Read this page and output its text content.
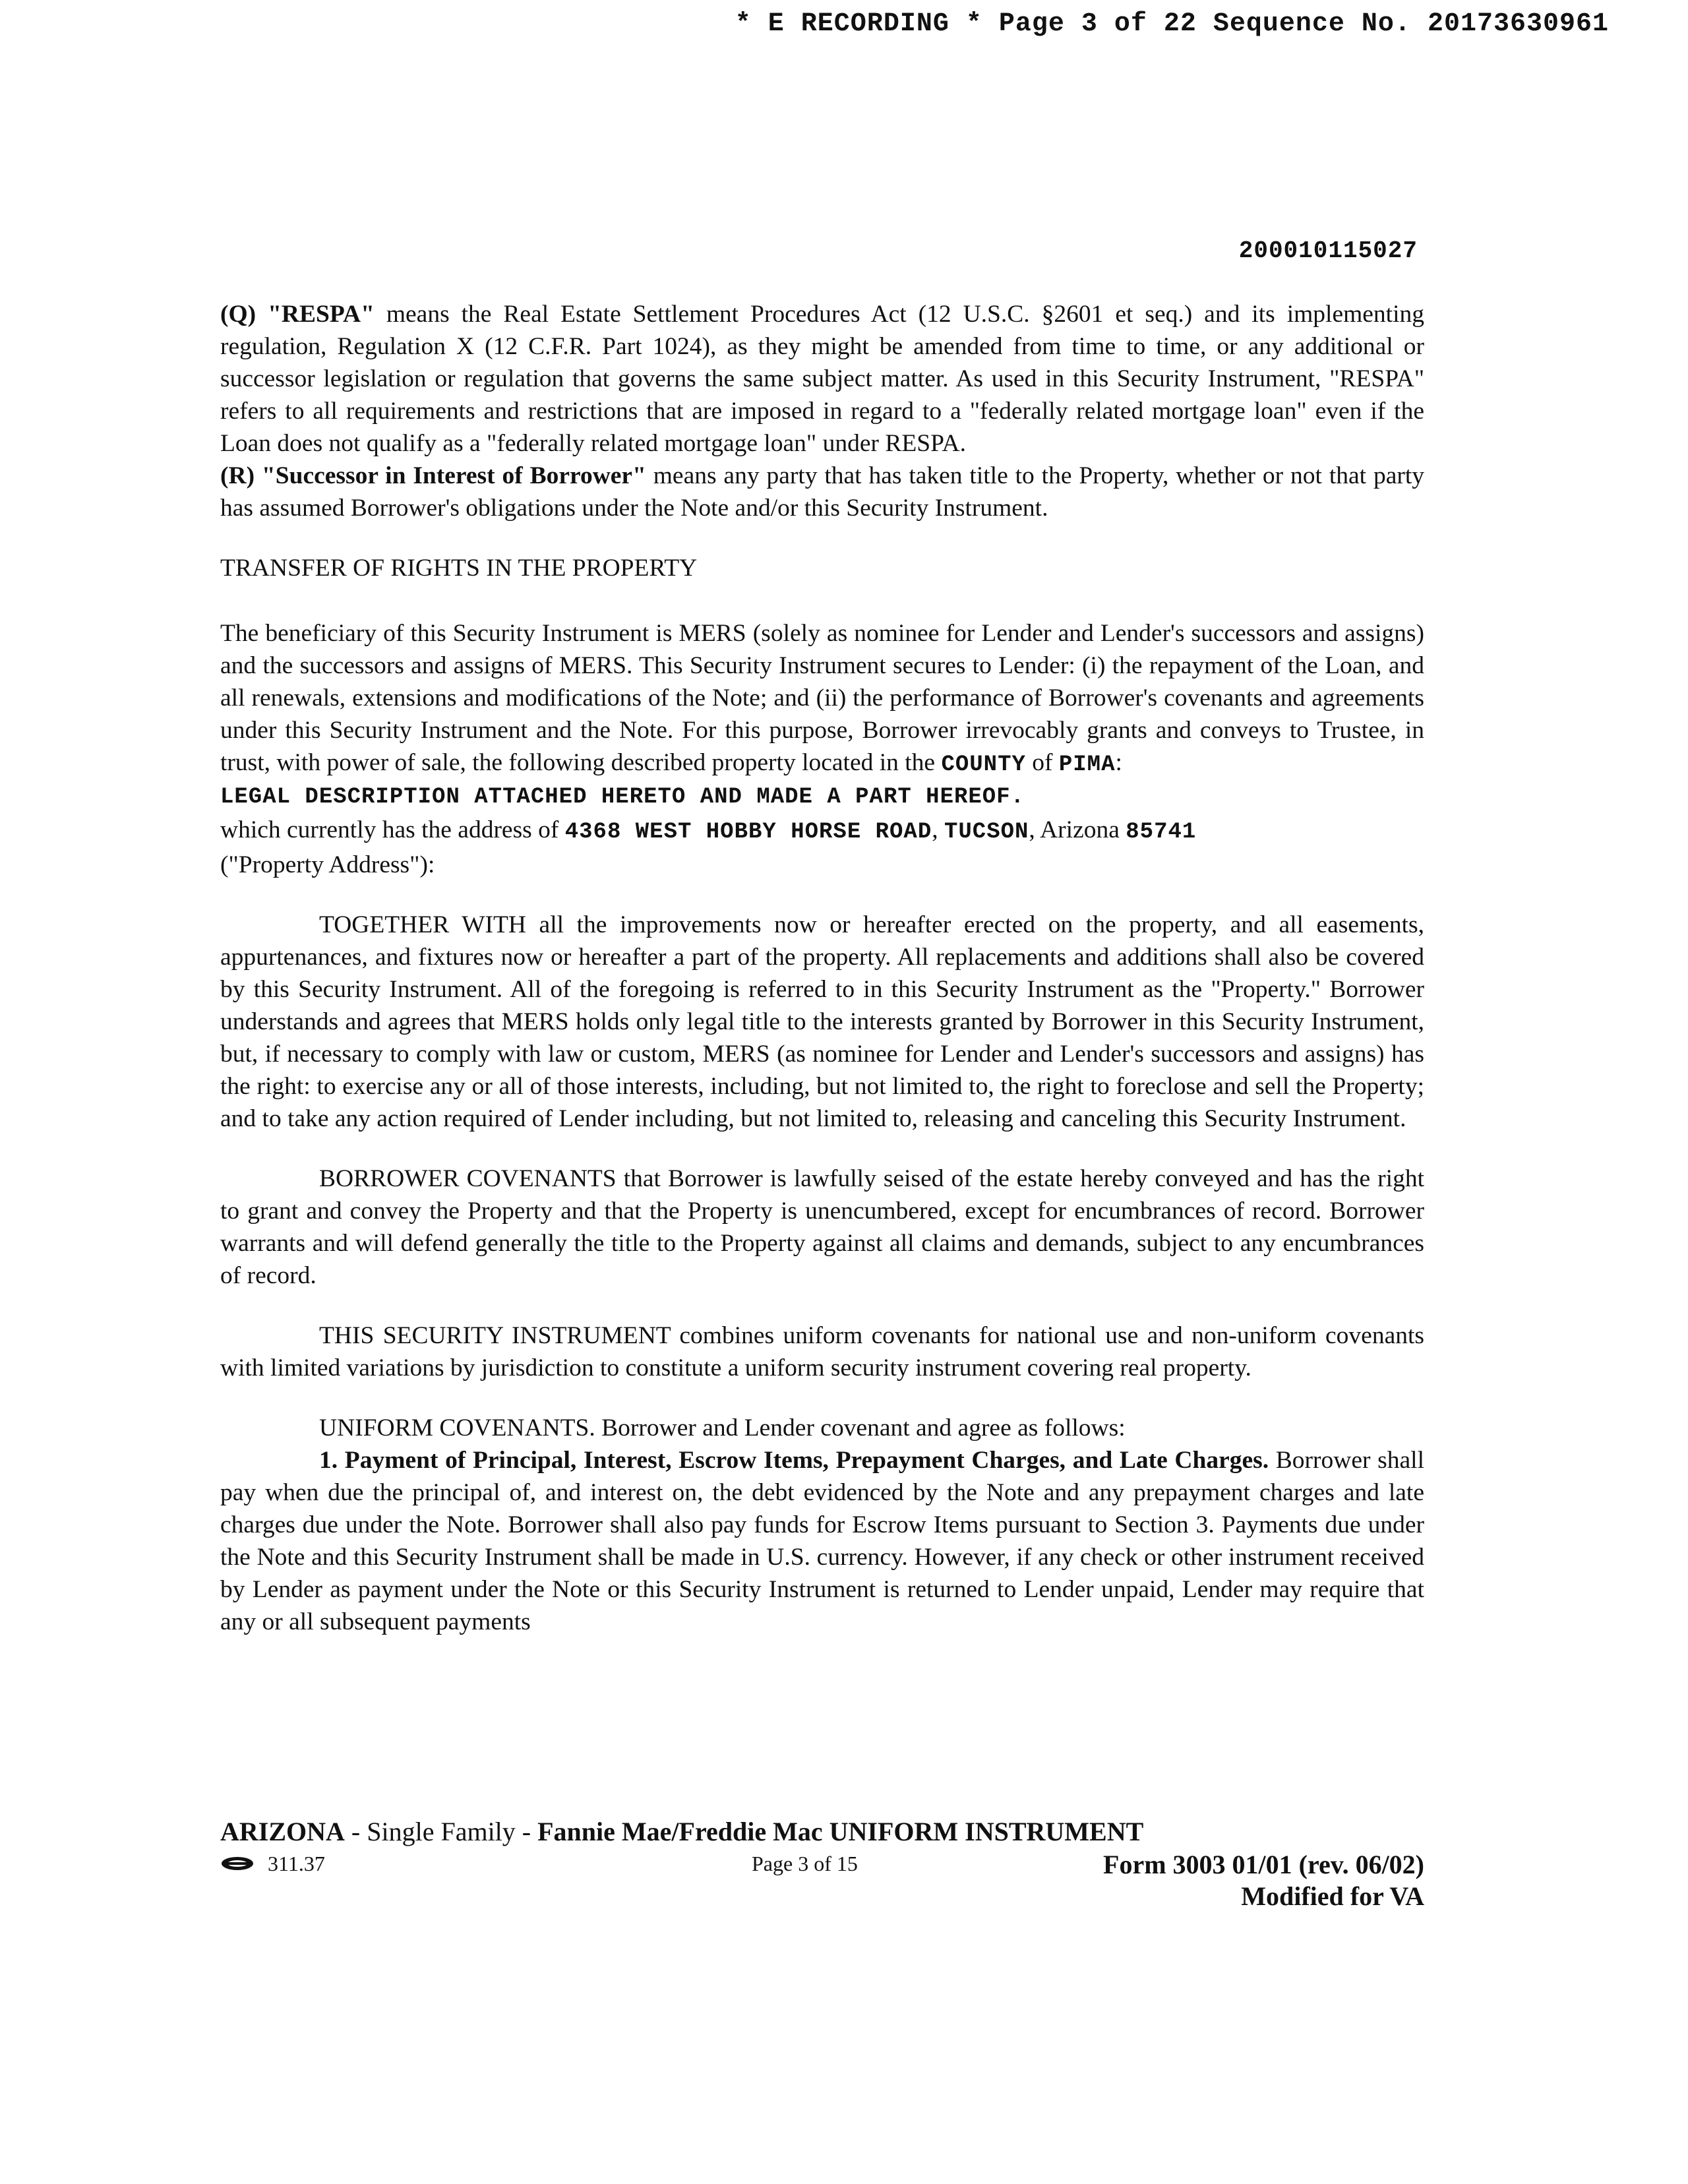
* E RECORDING * Page 3 of 22 Sequence No. 20173630961
200010115027

(Q) "RESPA" means the Real Estate Settlement Procedures Act (12 U.S.C. §2601 et seq.) and its implementing regulation, Regulation X (12 C.F.R. Part 1024), as they might be amended from time to time, or any additional or successor legislation or regulation that governs the same subject matter. As used in this Security Instrument, "RESPA" refers to all requirements and restrictions that are imposed in regard to a "federally related mortgage loan" even if the Loan does not qualify as a "federally related mortgage loan" under RESPA.

(R) "Successor in Interest of Borrower" means any party that has taken title to the Property, whether or not that party has assumed Borrower's obligations under the Note and/or this Security Instrument.

TRANSFER OF RIGHTS IN THE PROPERTY

The beneficiary of this Security Instrument is MERS (solely as nominee for Lender and Lender's successors and assigns) and the successors and assigns of MERS. This Security Instrument secures to Lender: (i) the repayment of the Loan, and all renewals, extensions and modifications of the Note; and (ii) the performance of Borrower's covenants and agreements under this Security Instrument and the Note. For this purpose, Borrower irrevocably grants and conveys to Trustee, in trust, with power of sale, the following described property located in the COUNTY of PIMA:

LEGAL DESCRIPTION ATTACHED HERETO AND MADE A PART HEREOF.

which currently has the address of 4368 WEST HOBBY HORSE ROAD, TUCSON, Arizona 85741

("Property Address"):

TOGETHER WITH all the improvements now or hereafter erected on the property, and all easements, appurtenances, and fixtures now or hereafter a part of the property. All replacements and additions shall also be covered by this Security Instrument. All of the foregoing is referred to in this Security Instrument as the "Property." Borrower understands and agrees that MERS holds only legal title to the interests granted by Borrower in this Security Instrument, but, if necessary to comply with law or custom, MERS (as nominee for Lender and Lender's successors and assigns) has the right: to exercise any or all of those interests, including, but not limited to, the right to foreclose and sell the Property; and to take any action required of Lender including, but not limited to, releasing and canceling this Security Instrument.

BORROWER COVENANTS that Borrower is lawfully seised of the estate hereby conveyed and has the right to grant and convey the Property and that the Property is unencumbered, except for encumbrances of record. Borrower warrants and will defend generally the title to the Property against all claims and demands, subject to any encumbrances of record.

THIS SECURITY INSTRUMENT combines uniform covenants for national use and non-uniform covenants with limited variations by jurisdiction to constitute a uniform security instrument covering real property.

UNIFORM COVENANTS. Borrower and Lender covenant and agree as follows:

1. Payment of Principal, Interest, Escrow Items, Prepayment Charges, and Late Charges. Borrower shall pay when due the principal of, and interest on, the debt evidenced by the Note and any prepayment charges and late charges due under the Note. Borrower shall also pay funds for Escrow Items pursuant to Section 3. Payments due under the Note and this Security Instrument shall be made in U.S. currency. However, if any check or other instrument received by Lender as payment under the Note or this Security Instrument is returned to Lender unpaid, Lender may require that any or all subsequent payments

ARIZONA - Single Family - Fannie Mae/Freddie Mac UNIFORM INSTRUMENT
311.37	Page 3 of 15	Form 3003 01/01 (rev. 06/02)
Modified for VA
